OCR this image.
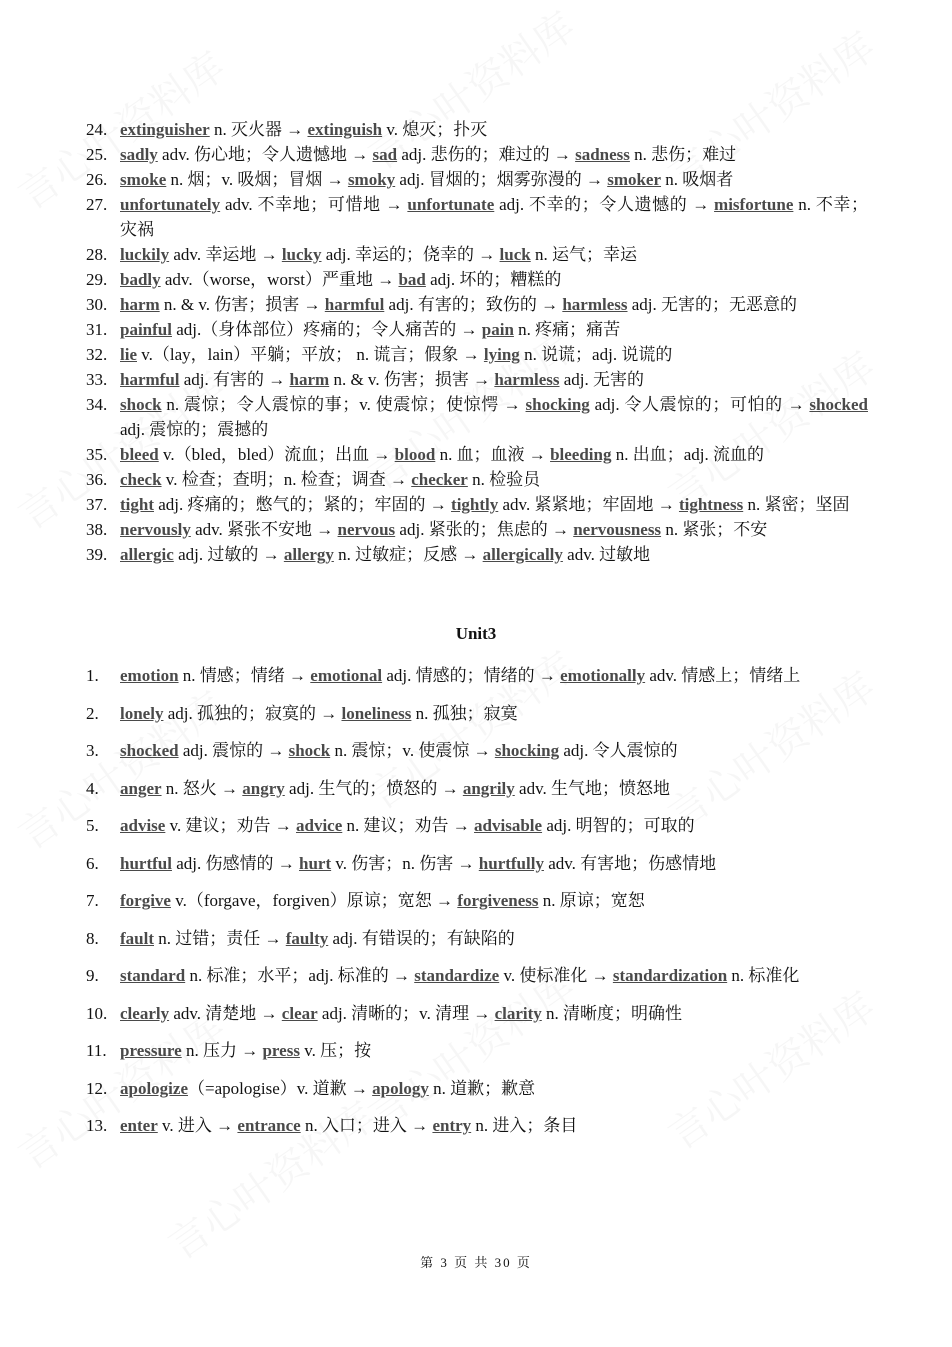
24. extinguisher n. 灭火器 → extinguish v. 熄灭；扑灭
25. sadly adv. 伤心地；令人遗憾地 → sad adj. 悲伤的；难过的 → sadness n. 悲伤；难过
26. smoke n. 烟；v. 吸烟；冒烟 → smoky adj. 冒烟的；烟雾弥漫的 → smoker n. 吸烟者
27. unfortunately adv. 不幸地；可惜地 → unfortunate adj. 不幸的；令人遗憾的 → misfortune n. 不幸；灾祸
28. luckily adv. 幸运地 → lucky adj. 幸运的；侥幸的 → luck n. 运气；幸运
29. badly adv.（worse，worst）严重地 → bad adj. 坏的；糟糕的
30. harm n. & v. 伤害；损害 → harmful adj. 有害的；致伤的 → harmless adj. 无害的；无恶意的
31. painful adj.（身体部位）疼痛的；令人痛苦的 → pain n. 疼痛；痛苦
32. lie v.（lay，lain）平躺；平放； n. 谎言；假象 → lying n. 说谎；adj. 说谎的
33. harmful adj. 有害的 → harm n. & v. 伤害；损害 → harmless adj. 无害的
34. shock n. 震惊；令人震惊的事；v. 使震惊；使惊愕 → shocking adj. 令人震惊的；可怕的 → shocked adj. 震惊的；震撼的
35. bleed v.（bled，bled）流血；出血 → blood n. 血；血液 → bleeding n. 出血；adj. 流血的
36. check v. 检查；查明；n. 检查；调查 → checker n. 检验员
37. tight adj. 疼痛的；憋气的；紧的；牢固的 → tightly adv. 紧紧地；牢固地 → tightness n. 紧密；坚固
38. nervously adv. 紧张不安地 → nervous adj. 紧张的；焦虑的 → nervousness n. 紧张；不安
39. allergic adj. 过敏的 → allergy n. 过敏症；反感 → allergically adv. 过敏地
Unit3
1.	emotion n. 情感；情绪 → emotional adj. 情感的；情绪的 → emotionally adv. 情感上；情绪上
2.	lonely adj. 孤独的；寂寞的 → loneliness n. 孤独；寂寞
3.	shocked adj. 震惊的 → shock n. 震惊；v. 使震惊 → shocking adj. 令人震惊的
4.	anger n. 怒火 → angry adj. 生气的；愤怒的 → angrily adv. 生气地；愤怒地
5.	advise v. 建议；劝告 → advice n. 建议；劝告 → advisable adj. 明智的；可取的
6.	hurtful adj. 伤感情的 → hurt v. 伤害；n. 伤害 → hurtfully adv. 有害地；伤感情地
7.	forgive v.（forgave，forgiven）原谅；宽恕 → forgiveness n. 原谅；宽恕
8.	fault n. 过错；责任 → faulty adj. 有错误的；有缺陷的
9.	standard n. 标准；水平；adj. 标准的 → standardize v. 使标准化 → standardization n. 标准化
10. clearly adv. 清楚地 → clear adj. 清晰的；v. 清理 → clarity n. 清晰度；明确性
11. pressure n. 压力 → press v. 压；按
12. apologize（=apologise）v. 道歉 → apology n. 道歉；歉意
13. enter v. 进入 → entrance n. 入口；进入 → entry n. 进入；条目
第 3 页 共 30 页
